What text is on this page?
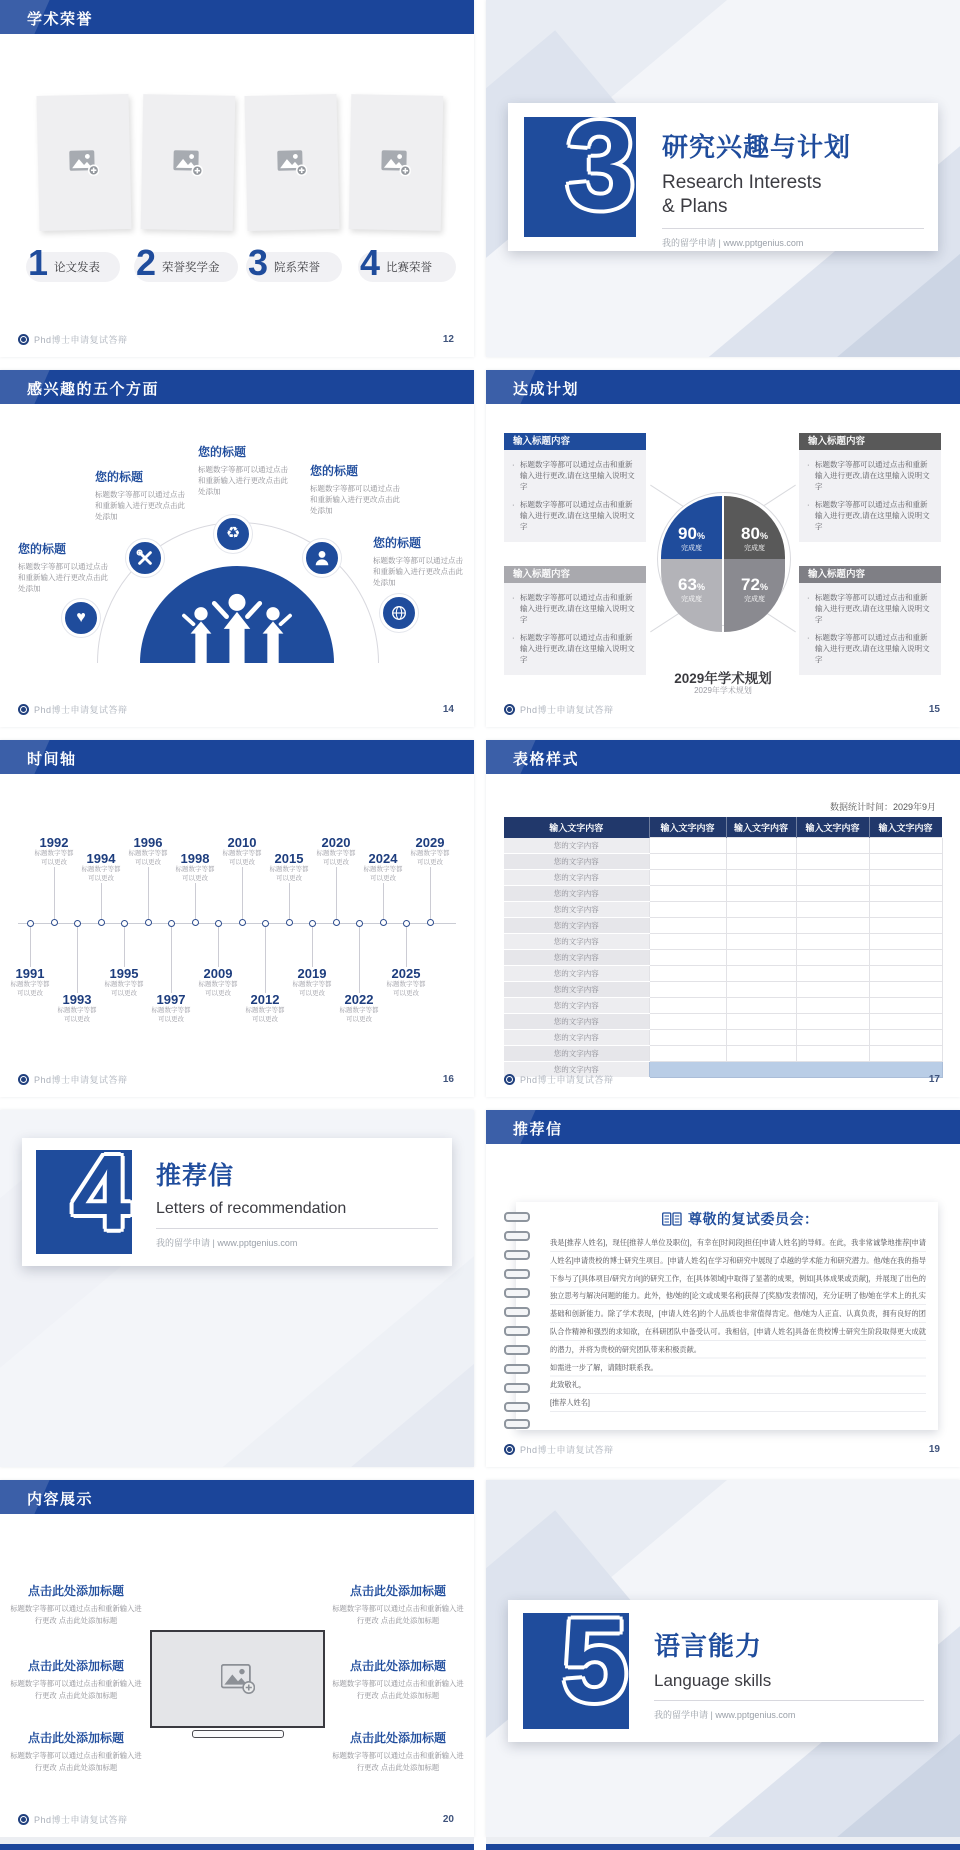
学术荣誉
1 论文发表 2 荣誉奖学金 3 院系荣誉 4 比赛荣誉
Phd博士申请复试答辩	12
3 研究兴趣与计划
Research Interests
& Plans
我的留学申请 | www.pptgenius.com
感兴趣的五个方面
您的标题
标题数字等都可以通过点击和重新输入进行更改点击此处添加
您的标题
标题数字等都可以通过点击和重新输入进行更改点击此处添加
您的标题
标题数字等都可以通过点击和重新输入进行更改点击此处添加
您的标题
标题数字等都可以通过点击和重新输入进行更改点击此处添加
您的标题
标题数字等都可以通过点击和重新输入进行更改点击此处添加
♻
♥
Phd博士申请复试答辩	14
达成计划
输入标题内容
· 标题数字等都可以通过点击和重新输入进行更改,请在这里输入说明文字
· 标题数字等都可以通过点击和重新输入进行更改,请在这里输入说明文字
输入标题内容
· 标题数字等都可以通过点击和重新输入进行更改,请在这里输入说明文字
· 标题数字等都可以通过点击和重新输入进行更改,请在这里输入说明文字
输入标题内容
· 标题数字等都可以通过点击和重新输入进行更改,请在这里输入说明文字
· 标题数字等都可以通过点击和重新输入进行更改,请在这里输入说明文字
输入标题内容
· 标题数字等都可以通过点击和重新输入进行更改,请在这里输入说明文字
· 标题数字等都可以通过点击和重新输入进行更改,请在这里输入说明文字
90%
完成度
80%
完成度
63%
完成度
72%
完成度
2029年学术规划
2029年学术规划
Phd博士申请复试答辩	15
时间轴
1991
标题数字等都
可以更改
1992
标题数字等都
可以更改
1993
标题数字等都
可以更改
1994
标题数字等都
可以更改
1995
标题数字等都
可以更改
1996
标题数字等都
可以更改
1997
标题数字等都
可以更改
1998
标题数字等都
可以更改
2009
标题数字等都
可以更改
2010
标题数字等都
可以更改
2012
标题数字等都
可以更改
2015
标题数字等都
可以更改
2019
标题数字等都
可以更改
2020
标题数字等都
可以更改
2022
标题数字等都
可以更改
2024
标题数字等都
可以更改
2025
标题数字等都
可以更改
2029
标题数字等都
可以更改
Phd博士申请复试答辩	16
表格样式
数据统计时间：2029年9月
输入文字内容	输入文字内容	输入文字内容	输入文字内容	输入文字内容
您的文字内容				
您的文字内容				
您的文字内容				
您的文字内容				
您的文字内容				
您的文字内容				
您的文字内容				
您的文字内容				
您的文字内容				
您的文字内容				
您的文字内容				
您的文字内容				
您的文字内容				
您的文字内容				
您的文字内容				
Phd博士申请复试答辩	17
4 推荐信
Letters of recommendation
我的留学申请 | www.pptgenius.com
推荐信
尊敬的复试委员会：
我是[推荐人姓名]，现任[推荐人单位及职位]，有幸在[时间段]担任[申请人姓名]的导师。在此，我非常诚挚地推荐[申请人姓名]申请贵校的博士研究生项目。[申请人姓名]在学习和研究中展现了卓越的学术能力和研究潜力。他/她在我的指导下参与了[具体项目/研究方向]的研究工作，在[具体领域]中取得了显著的成果，例如[具体成果或贡献]，并展现了出色的独立思考与解决问题的能力。此外，他/她的[论文或成果名称]获得了[奖励/发表情况]，充分证明了他/她在学术上的扎实基础和创新能力。除了学术表现，[申请人姓名]的个人品质也非常值得肯定。他/她为人正直、认真负责，拥有良好的团队合作精神和强烈的求知欲，在科研团队中备受认可。我相信，[申请人姓名]具备在贵校博士研究生阶段取得更大成就的潜力，并将为贵校的研究团队带来积极贡献。
如需进一步了解，请随时联系我。
此致敬礼，
[推荐人姓名]
Phd博士申请复试答辩	19
内容展示
点击此处添加标题
标题数字等都可以通过点击和重新输入进行更改 点击此处添加标题
点击此处添加标题
标题数字等都可以通过点击和重新输入进行更改 点击此处添加标题
点击此处添加标题
标题数字等都可以通过点击和重新输入进行更改 点击此处添加标题
点击此处添加标题
标题数字等都可以通过点击和重新输入进行更改 点击此处添加标题
点击此处添加标题
标题数字等都可以通过点击和重新输入进行更改 点击此处添加标题
点击此处添加标题
标题数字等都可以通过点击和重新输入进行更改 点击此处添加标题
Phd博士申请复试答辩	20
5 语言能力
Language skills
我的留学申请 | www.pptgenius.com
